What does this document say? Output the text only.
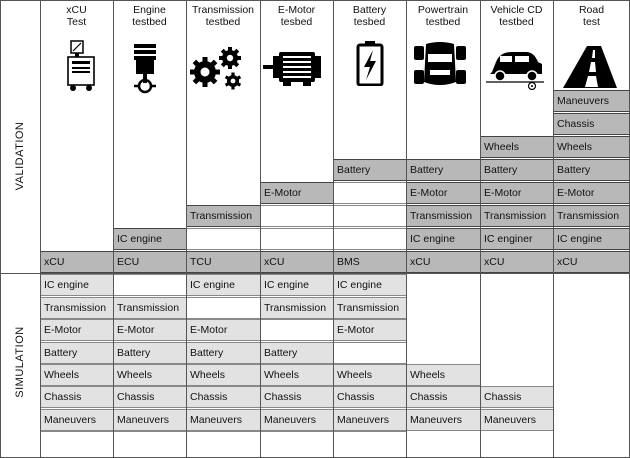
xCU
IC engine
Transmission
E-Motor
Battery
Wheels
Chassis
Maneuvers
ECU
IC engine
Transmission
E-Motor
Battery
Wheels
Chassis
Maneuvers
TCU
Transmission
IC engine
E-Motor
Battery
Wheels
Chassis
Maneuvers
xCU
E-Motor
IC engine
Transmission
Battery
Wheels
Chassis
Maneuvers
BMS
Battery
IC engine
Transmission
E-Motor
Wheels
Chassis
Maneuvers
xCU
IC engine
Transmission
E-Motor
Battery
Wheels
Chassis
Maneuvers
xCU
IC enginer
Transmission
E-Motor
Battery
Wheels
Chassis
Maneuvers
xCU
IC engine
Transmission
E-Motor
Battery
Wheels
Chassis
Maneuvers
xCU
Test
Engine
testbed
Transmission
testbed
E-Motor
tesbed
Battery
tesbed
Powertrain
testbed
Vehicle CD
testbed
Road
test
VALIDATION
SIMULATION
